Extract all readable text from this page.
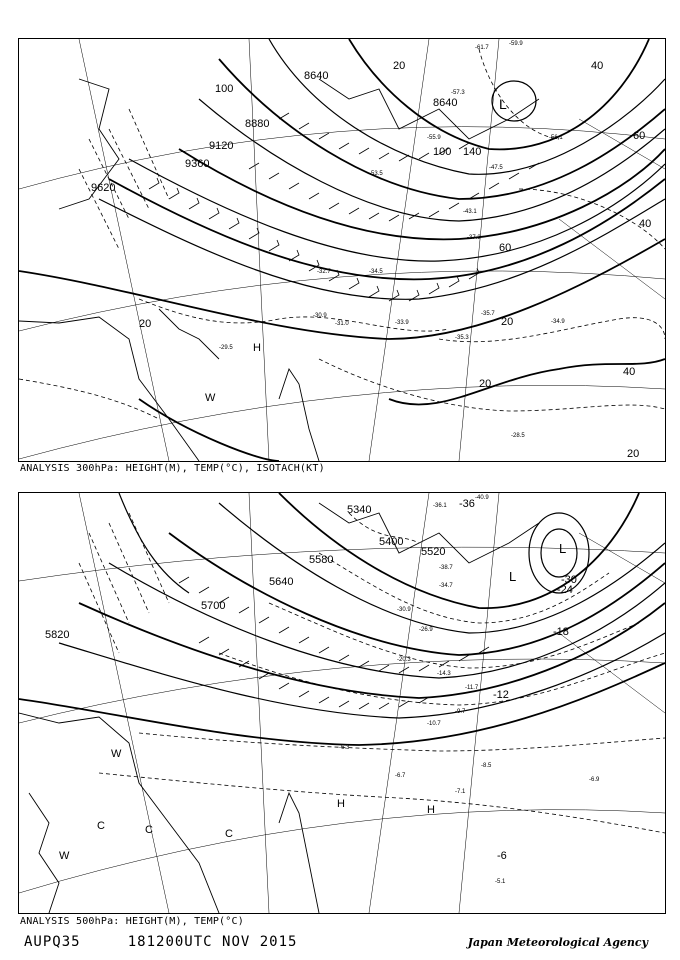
9620
9360
9120
8880
8640
8640
20	20
40
40
60
100
100 140
20
20
40
60
20
H
W
L
-33.9
-35.3
-35.7
-34.9
-28.5
-29.5
-30.9
-31.0
-32.7	-34.5
-37.3
-43.1
-47.5
-53.5
-55.9
-57.3
-56.1
-61.7
-59.9
ANALYSIS 300hPa: HEIGHT(M), TEMP(°C), ISOTACH(KT)
5820
5700
5640
5580
5400
5340
5520
-6
-12
-18
-24
-30
-36
H	H
W
W
C	C	C
L
L
-6.7
-8.5
-6.9
-7.1
-5.1
-6.3
-9.7
-10.7
-11.7
-14.3
-20.3
-26.9
-30.9
-34.7
-38.7
-40.9
-36.1
ANALYSIS 500hPa: HEIGHT(M), TEMP(°C)
AUPQ35	181200UTC NOV 2015	Japan Meteorological Agency
